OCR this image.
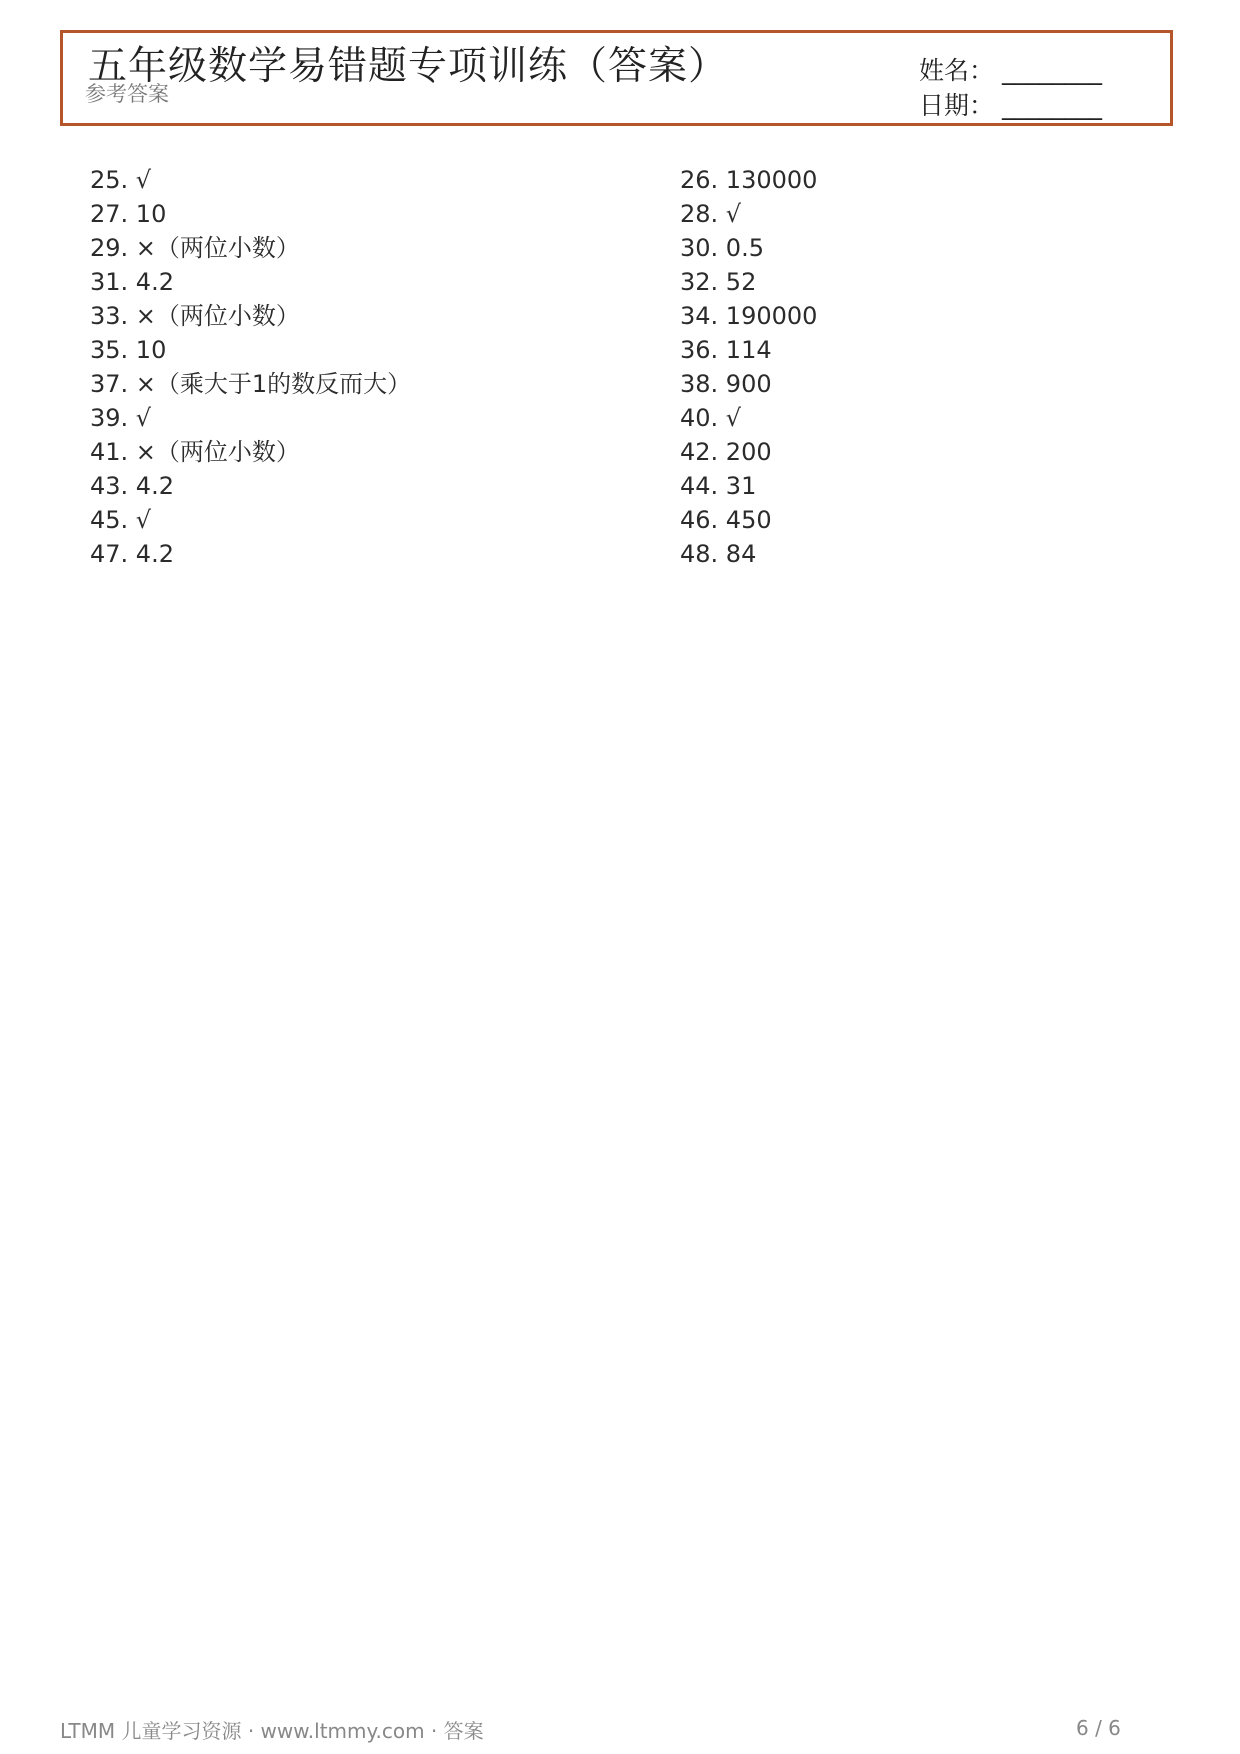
五年级数学易错题专项训练（答案）
参考答案
姓名： ________
日期： ________
25. √	26. 130000
27. 10	28. √
29. ×（两位小数）	30. 0.5
31. 4.2	32. 52
33. ×（两位小数）	34. 190000
35. 10	36. 114
37. ×（乘大于1的数反而大）	38. 900
39. √	40. √
41. ×（两位小数）	42. 200
43. 4.2	44. 31
45. √	46. 450
47. 4.2	48. 84
LTMM 儿童学习资源 · www.ltmmy.com · 答案	6 / 6
